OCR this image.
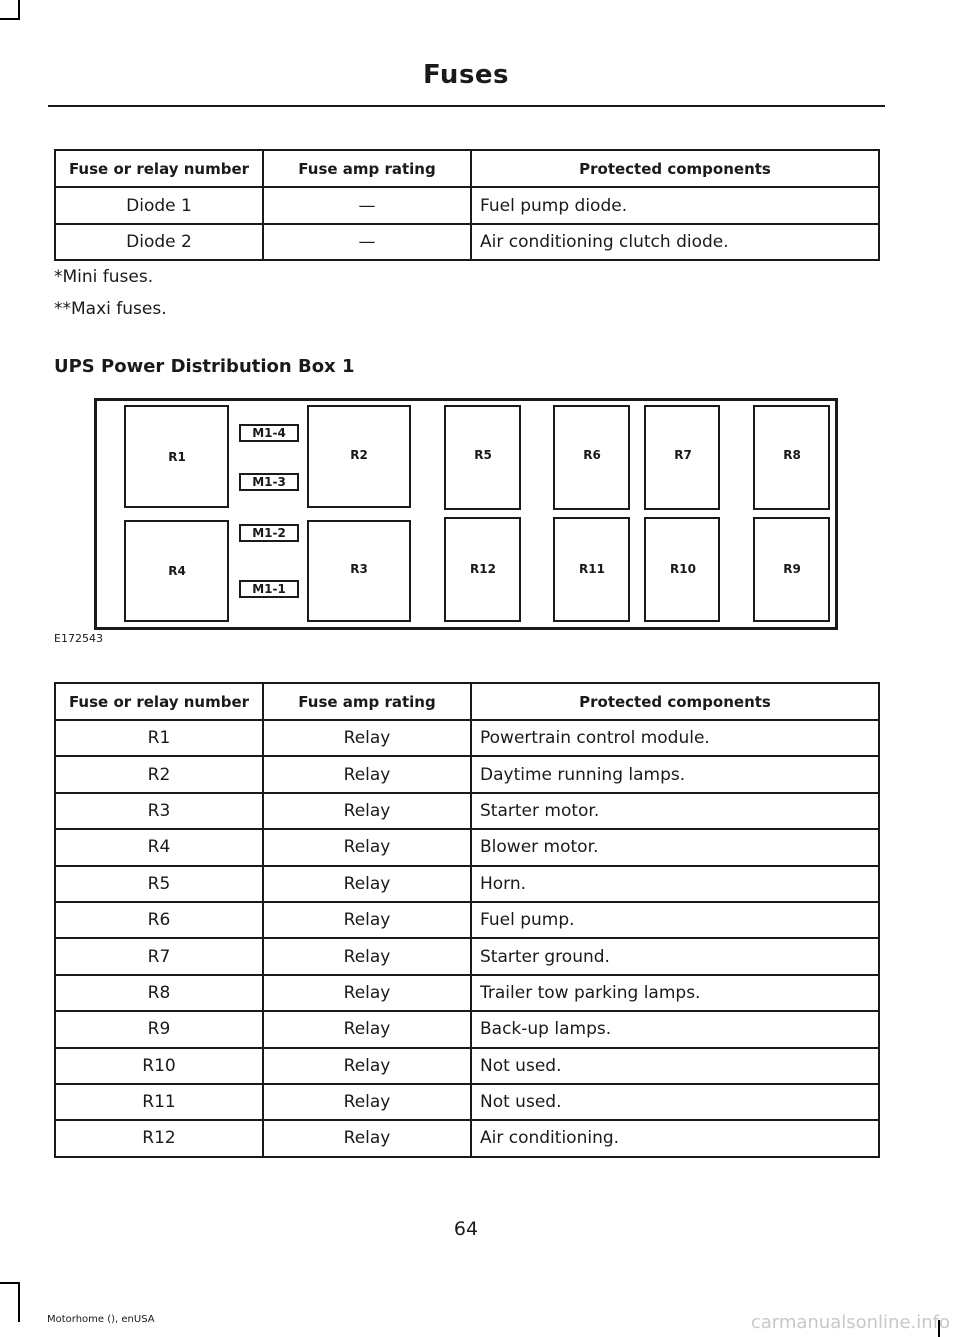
Fuses
Fuse or relay number	Fuse amp rating	Protected components
Diode 1	—	Fuel pump diode.
Diode 2	—	Air conditioning clutch diode.
*Mini fuses.
**Maxi fuses.
UPS Power Distribution Box 1
R1	R2
R3
R4
R5	R6	R7	R8
R9
R10
R11
R12
M1-4
M1-3
M1-2
M1-1
E172543
Fuse or relay number	Fuse amp rating	Protected components
R1	Relay	Powertrain control module.
R2	Relay	Daytime running lamps.
R3	Relay	Starter motor.
R4	Relay	Blower motor.
R5	Relay	Horn.
R6	Relay	Fuel pump.
R7	Relay	Starter ground.
R8	Relay	Trailer tow parking lamps.
R9	Relay	Back-up lamps.
R10	Relay	Not used.
R11	Relay	Not used.
R12	Relay	Air conditioning.
64
Motorhome (), enUSA	carmanualsonline.info
